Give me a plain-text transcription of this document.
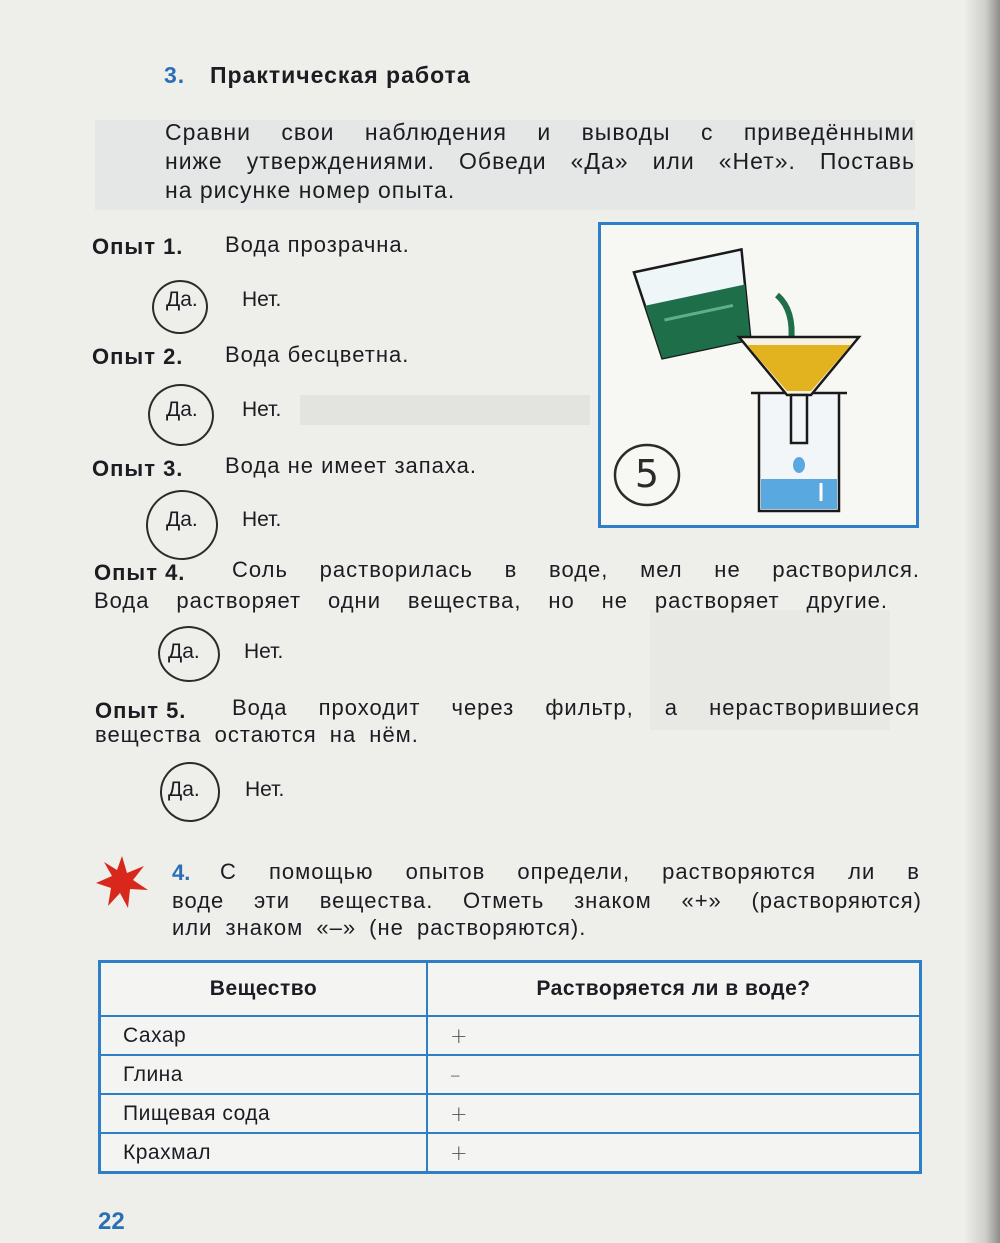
3. Практическая работа
Сравни свои наблюдения и выводы с приведёнными
ниже утверждениями. Обведи «Да» или «Нет». Поставь
на рисунке номер опыта.
Опыт 1. Вода прозрачна.
Да. Нет.
Опыт 2. Вода бесцветна.
Да. Нет.
Опыт 3. Вода не имеет запаха.
Да. Нет.
Опыт 4. Соль растворилась в воде, мел не растворился.
Вода растворяет одни вещества, но не растворяет другие.
Да. Нет.
Опыт 5. Вода проходит через фильтр, а нерастворившиеся
вещества остаются на нём.
Да. Нет.
5
4. С помощью опытов определи, растворяются ли в
воде эти вещества. Отметь знаком «+» (растворяются)
или знаком «–» (не растворяются).
Вещество	Растворяется ли в воде?
Сахар	+
Глина	–
Пищевая сода	+
Крахмал	+
22
